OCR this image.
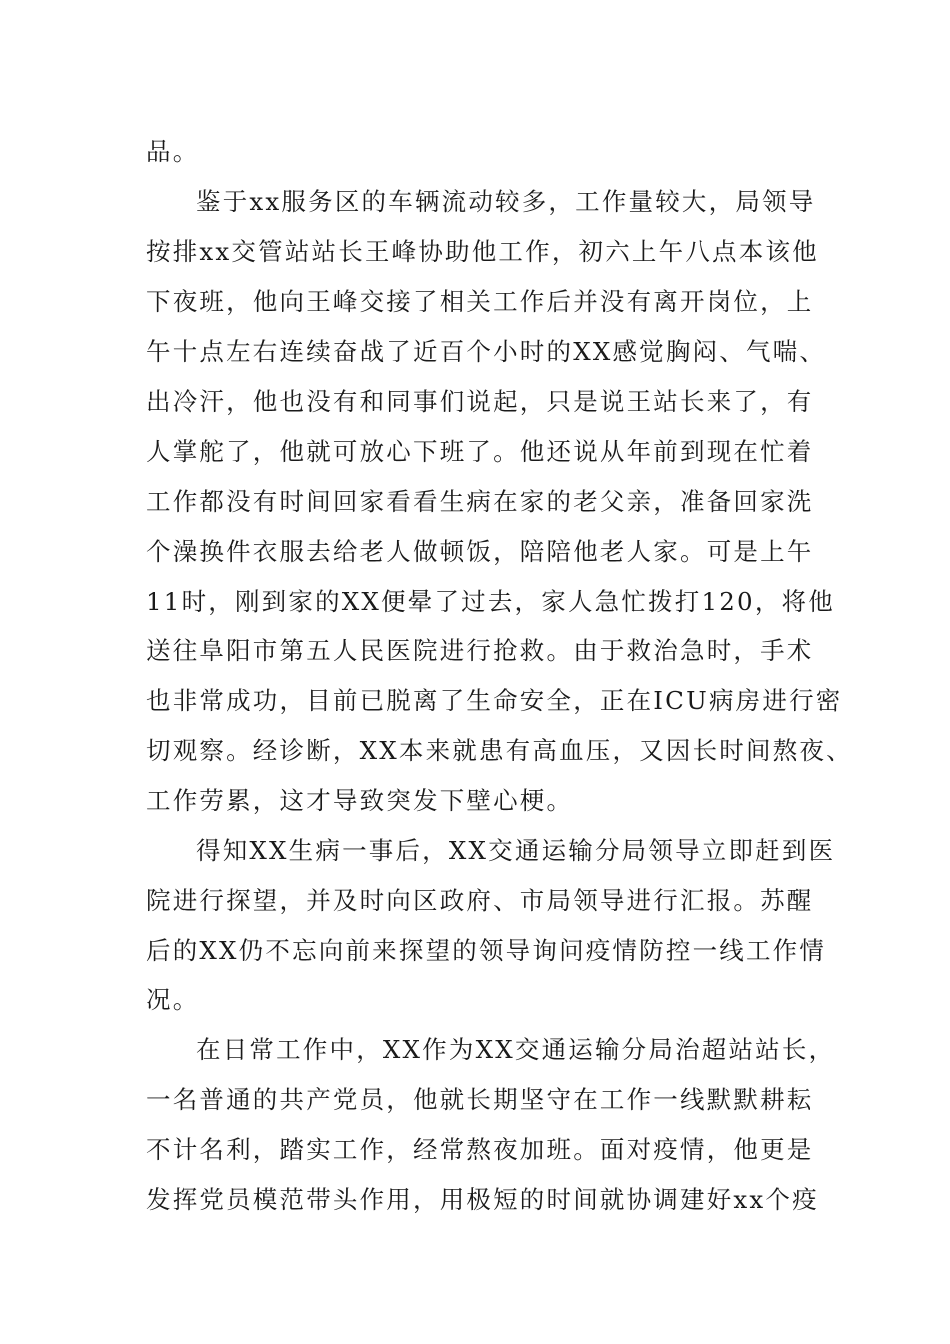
品。
鉴于xx服务区的车辆流动较多，工作量较大，局领导
按排xx交管站站长王峰协助他工作，初六上午八点本该他
下夜班，他向王峰交接了相关工作后并没有离开岗位，上
午十点左右连续奋战了近百个小时的XX感觉胸闷、气喘、
出冷汗，他也没有和同事们说起，只是说王站长来了，有
人掌舵了，他就可放心下班了。他还说从年前到现在忙着
工作都没有时间回家看看生病在家的老父亲，准备回家洗
个澡换件衣服去给老人做顿饭，陪陪他老人家。可是上午
11时，刚到家的XX便晕了过去，家人急忙拨打120，将他
送往阜阳市第五人民医院进行抢救。由于救治急时，手术
也非常成功，目前已脱离了生命安全，正在ICU病房进行密
切观察。经诊断，XX本来就患有高血压，又因长时间熬夜、
工作劳累，这才导致突发下壁心梗。
得知XX生病一事后，XX交通运输分局领导立即赶到医
院进行探望，并及时向区政府、市局领导进行汇报。苏醒
后的XX仍不忘向前来探望的领导询问疫情防控一线工作情
况。
在日常工作中，XX作为XX交通运输分局治超站站长，
一名普通的共产党员，他就长期坚守在工作一线默默耕耘
不计名利，踏实工作，经常熬夜加班。面对疫情，他更是
发挥党员模范带头作用，用极短的时间就协调建好xx个疫
